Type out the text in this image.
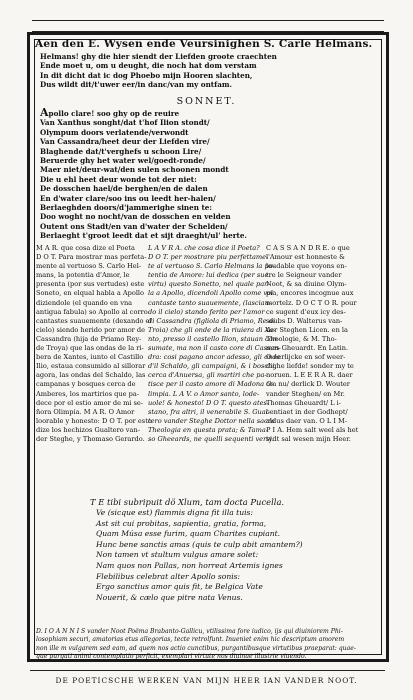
Aen den E. Wysen ende Veursinighen S. Carle Helmans.
Helmans! ghy die hier siendt der Liefden groote craechten
Ende moet u, om u deught, die noch hat dom verstam
In dit dicht dat ic dog Phoebo mijn Hooren slachten,
Dus wildt dit/t'uwer eer/in danc/van my ontfam.
SONNET.
Apollo clare! soo ghy op de reuire
Van Xanthus songht/dat t'hof Ilion stondt/
Olympum doors verlatende/verwondt
Van Cassandra/heet deur der Liefden vire/
Blaghende dat/t'verghefs u schoon Lire/
Beruerde ghy het water wel/goedt-ronde/
Maer niet/deur-wat/den sulen schoonen mondt
Die u ehl heet deur wonde tot der niet:
De dosschen hael/de berghen/en de dalen
En d'water clare/soo ins ou leedt her-halen/
Berlaeghden doors/d'jammerighe sinen te:
Doo woght no nocht/van de dosschen en velden
Outent ons Stadt/en van d'water der Schelden/
Berlaeght t'groot leedt dat et sijt draeght/ul' herte.
M A R. que cosa dize el Poeta
D O T. Para mostrar mas perfeta-
mente al vertuoso S. Carlo Hel-
mans, la potentia d'Amor, le
presenta (por sus vertudes) este
Soneto, en elqual habla a Apollo
diziendole (el quando en vna
antigua fabula) so Apollo al corro
cantastes suauemente (dexando el
cielo) siendo herido por amor de
Cassandra (hija de Priamo Rey-
de Troya) que las ondas de la ri-
bera de Xantes, iunto el Castillo
Ilio, estaua consumido al sillorar
agora, las ondas del Schaldo, las
campanas y bosques cerca de
Amberes, los martirios que pa-
dece por el estio amor de mi se-
ñora Olimpia. M A R. O Amor
loorable y honesto: D O T. por esto
dize los hechizos Gualtero van-
der Steghe, y Thomaso Gerardo.
L A V R A. che cosa dice il Poeta?
D O T. per mostrare piu perfettame-
te al vertuoso S. Carlo Helmans la po-
tentia de Amore: lui dedica (per sue
virtu) questo Sonetto, nel quale par-
la a Apollo, dicendoli Apollo come voi
cantaste tanto suauemente, (lascian-
do il cielo) stando ferito per l'amor
di Cassandra (figliola di Priamo, Re di
Troia) che gli onde de la riuiera di Xa-
nto, presso il castello Ilion, stauan con-
sumate, ma non il casto core di Cassan-
dra: cosi pagano ancor adesso, gli onde
d'il Schaldo, gli campaigni, & i boschi,
cerca d'Anuersa, gli martiri che pa-
tisce per il casto amore di Madona O-
limpia. L A V. o Amor santo, lode-
uole! & honesto! D O T. questo ates-
stano, fra altri, il venerabile S. Gual-
tero vander Steghe Dottor nella sacra
Theologia en questa prata; & Tama-
so Gheeards, ne quelli sequenti versi.
C A S S A N D R E. o que
l'Amour est honneste &
laudable que voyons en-
tre le Seigneur vander
Noot, & sa diuine Olym-
pia, encores incognue aux
mortelz. D O C T O R. pour
ce sugent d'eux icy des-
soubs D. Walterus van-
der Steghen Licen. en la
Theologie, & M. Tho-
mas Gheuardt. En Latin.
O eerlijcke en sof weer-
dighe liefde! sonder my te
noruen. L E E R A R. daer
om nu/ derlick D. Wouter
vander Steghen/ en Mr.
Thomas Gheuardt/ L i-
centiaet in der Godhept/
aldus daer van. O L I M-
P I A. Hem salt weel als het
tydt sal wesen mijn Heer.
T E tibi subripuit dö Xlum, tam docta Pucella.
Ve (sicque est) flammis digna fit illa tuis:
Ast sit cui probitas, sapientia, gratia, forma,
Quam Músa esse furim, quam Charites cupiant.
Hunc bene sanctis amas (quis te culp abit amantem?)
Non tamen vt stultum vulgus amare solet:
Nam quos non Pallas, non horreat Artemis ignes
Flebilibus celebrat alter Apollo sonis:
Ergo sanctius amor quis fit, te Belgica Vate
Nouerit, & cælo que pitre nata Venus.
D. I O A N N I S vander Noot Poëma Brabanto-Gallicu, vtilissima fore iudico, ijs qui diuiniorem Phi-
losophiam securi, amatorias etus allegorias, tecte retrolfunt. Inueniet enim hic descriptum amorem
non ille m vulgarem sed eam, ad quem nos actio cunctibus, purgantibusque virtutibus praeparat: quae-
que purgati animi contemplatio perficit, exemplari virtute nos diuinae illustrie viuendo.
DE POETICSCHE WERKEN VAN MIJN HEER IAN VANDER NOOT.
